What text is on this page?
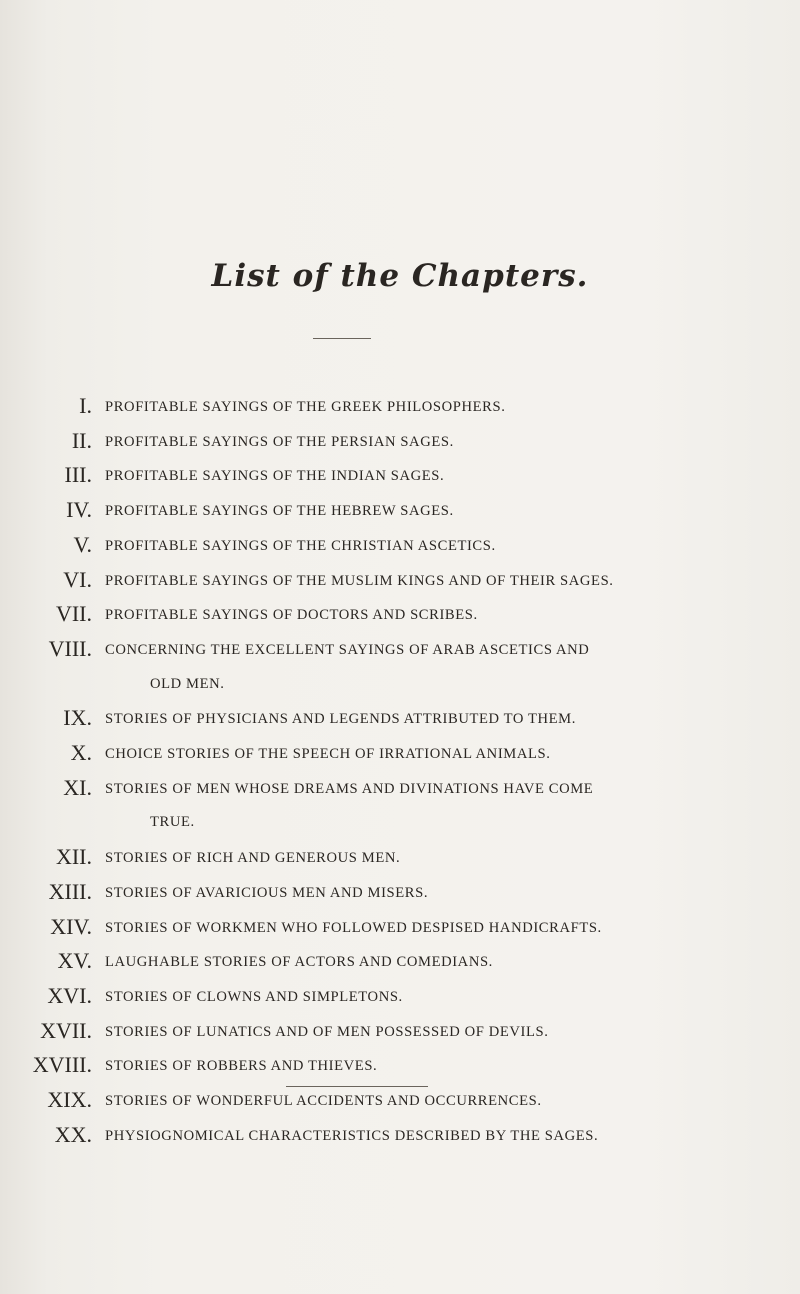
List of the Chapters.
I. PROFITABLE SAYINGS OF THE GREEK PHILOSOPHERS.
II. PROFITABLE SAYINGS OF THE PERSIAN SAGES.
III. PROFITABLE SAYINGS OF THE INDIAN SAGES.
IV. PROFITABLE SAYINGS OF THE HEBREW SAGES.
V. PROFITABLE SAYINGS OF THE CHRISTIAN ASCETICS.
VI. PROFITABLE SAYINGS OF THE MUSLIM KINGS AND OF THEIR SAGES.
VII. PROFITABLE SAYINGS OF DOCTORS AND SCRIBES.
VIII. CONCERNING THE EXCELLENT SAYINGS OF ARAB ASCETICS AND
OLD MEN.
IX. STORIES OF PHYSICIANS AND LEGENDS ATTRIBUTED TO THEM.
X. CHOICE STORIES OF THE SPEECH OF IRRATIONAL ANIMALS.
XI. STORIES OF MEN WHOSE DREAMS AND DIVINATIONS HAVE COME
TRUE.
XII. STORIES OF RICH AND GENEROUS MEN.
XIII. STORIES OF AVARICIOUS MEN AND MISERS.
XIV. STORIES OF WORKMEN WHO FOLLOWED DESPISED HANDICRAFTS.
XV. LAUGHABLE STORIES OF ACTORS AND COMEDIANS.
XVI. STORIES OF CLOWNS AND SIMPLETONS.
XVII. STORIES OF LUNATICS AND OF MEN POSSESSED OF DEVILS.
XVIII. STORIES OF ROBBERS AND THIEVES.
XIX. STORIES OF WONDERFUL ACCIDENTS AND OCCURRENCES.
XX. PHYSIOGNOMICAL CHARACTERISTICS DESCRIBED BY THE SAGES.
